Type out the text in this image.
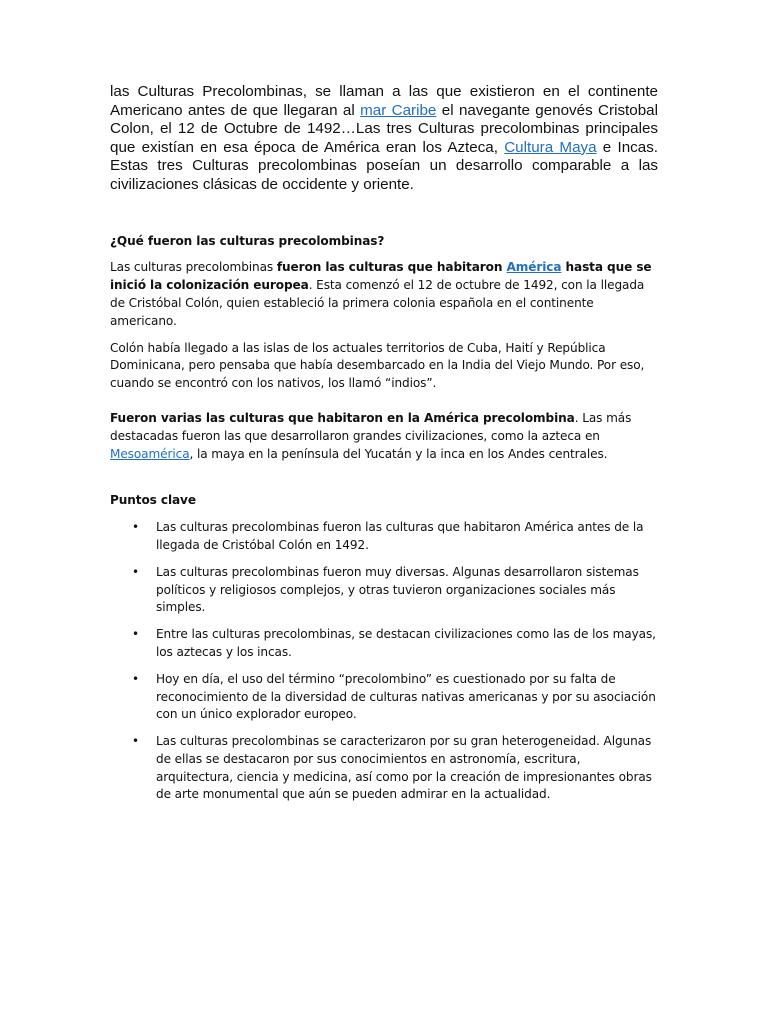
las Culturas Precolombinas, se llaman a las que existieron en el continente Americano antes de que llegaran al mar Caribe el navegante genovés Cristobal Colon, el 12 de Octubre de 1492…Las tres Culturas precolombinas principales que existían en esa época de América eran los Azteca, Cultura Maya e Incas. Estas tres Culturas precolombinas poseían un desarrollo comparable a las civilizaciones clásicas de occidente y oriente.

¿Qué fueron las culturas precolombinas?

Las culturas precolombinas fueron las culturas que habitaron América hasta que se inició la colonización europea. Esta comenzó el 12 de octubre de 1492, con la llegada de Cristóbal Colón, quien estableció la primera colonia española en el continente americano.

Colón había llegado a las islas de los actuales territorios de Cuba, Haití y República Dominicana, pero pensaba que había desembarcado en la India del Viejo Mundo. Por eso, cuando se encontró con los nativos, los llamó “indios”.

Fueron varias las culturas que habitaron en la América precolombina. Las más destacadas fueron las que desarrollaron grandes civilizaciones, como la azteca en Mesoamérica, la maya en la península del Yucatán y la inca en los Andes centrales.

Puntos clave

• Las culturas precolombinas fueron las culturas que habitaron América antes de la llegada de Cristóbal Colón en 1492.
• Las culturas precolombinas fueron muy diversas. Algunas desarrollaron sistemas políticos y religiosos complejos, y otras tuvieron organizaciones sociales más simples.
• Entre las culturas precolombinas, se destacan civilizaciones como las de los mayas, los aztecas y los incas.
• Hoy en día, el uso del término “precolombino” es cuestionado por su falta de reconocimiento de la diversidad de culturas nativas americanas y por su asociación con un único explorador europeo.
• Las culturas precolombinas se caracterizaron por su gran heterogeneidad. Algunas de ellas se destacaron por sus conocimientos en astronomía, escritura, arquitectura, ciencia y medicina, así como por la creación de impresionantes obras de arte monumental que aún se pueden admirar en la actualidad.
